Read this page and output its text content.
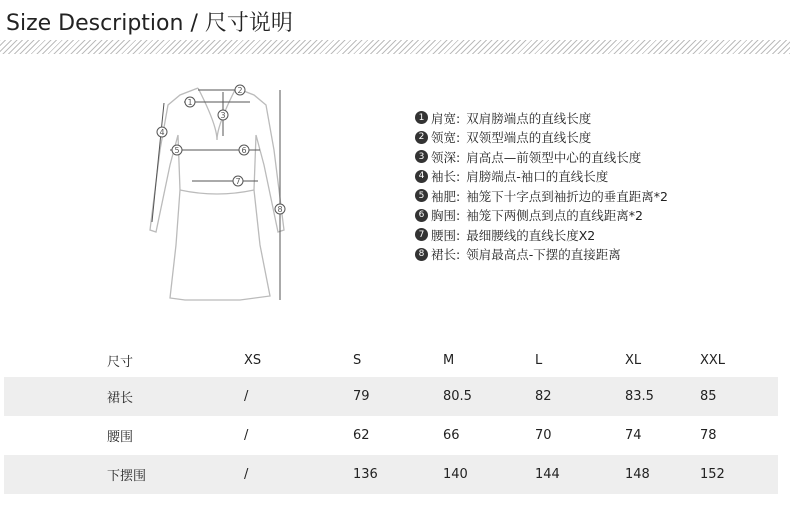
Size Description / 尺寸说明
1
2
3
4
5	6
7
8
1 肩宽: 双肩膀端点的直线长度
2 领宽: 双领型端点的直线长度
3 领深: 肩高点—前领型中心的直线长度
4 袖长: 肩膀端点-袖口的直线长度
5 袖肥: 袖笼下十字点到袖折边的垂直距离*2
6 胸围: 袖笼下两侧点到点的直线距离*2
7 腰围: 最细腰线的直线长度X2
8 裙长: 领肩最高点-下摆的直接距离
尺寸	XS	S	M	L	XL	XXL
裙长	/	79	80.5	82	83.5	85
腰围	/	62	66	70	74	78
下摆围	/	136	140	144	148	152
